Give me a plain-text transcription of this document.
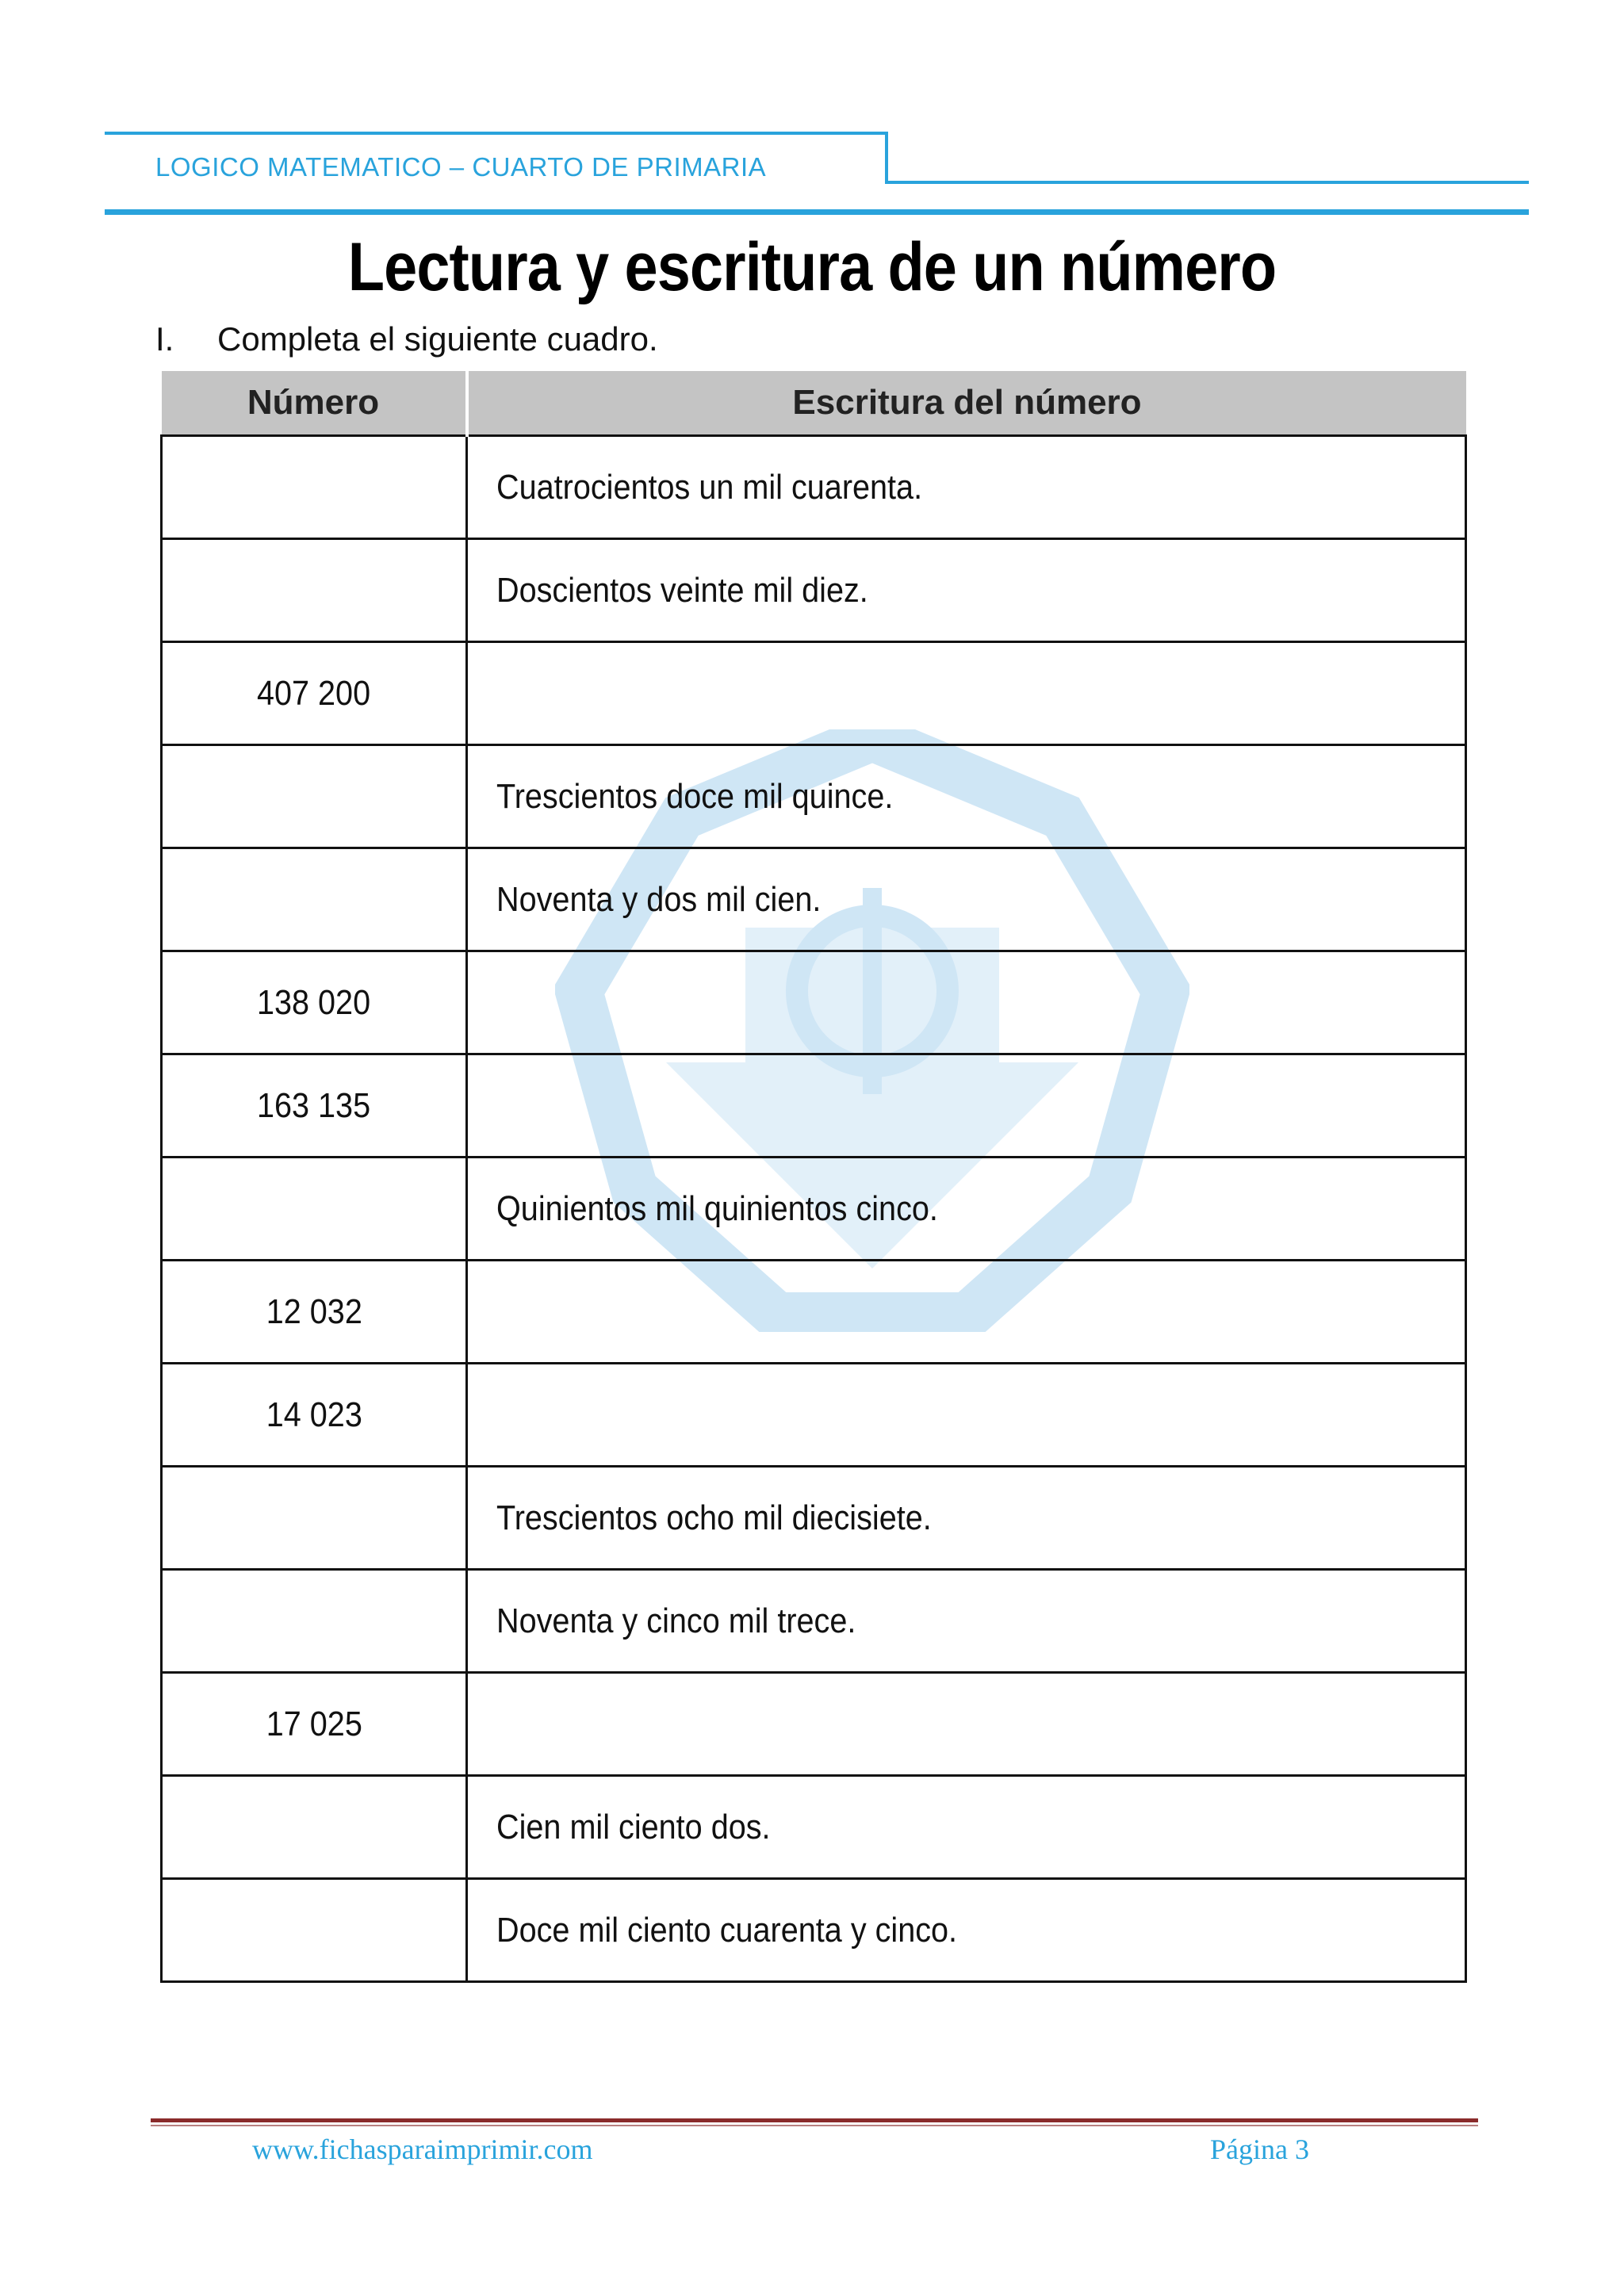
LOGICO MATEMATICO – CUARTO DE PRIMARIA
Lectura y escritura de un número
I. Completa el siguiente cuadro.
Número	Escritura del número
	Cuatrocientos un mil cuarenta.
	Doscientos veinte mil diez.
407 200	
	Trescientos doce mil quince.
	Noventa y dos mil cien.
138 020	
163 135	
	Quinientos mil quinientos cinco.
12 032	
14 023	
	Trescientos ocho mil diecisiete.
	Noventa y cinco mil trece.
17 025	
	Cien mil ciento dos.
	Doce mil ciento cuarenta y cinco.
www.fichasparaimprimir.com	Página 3
